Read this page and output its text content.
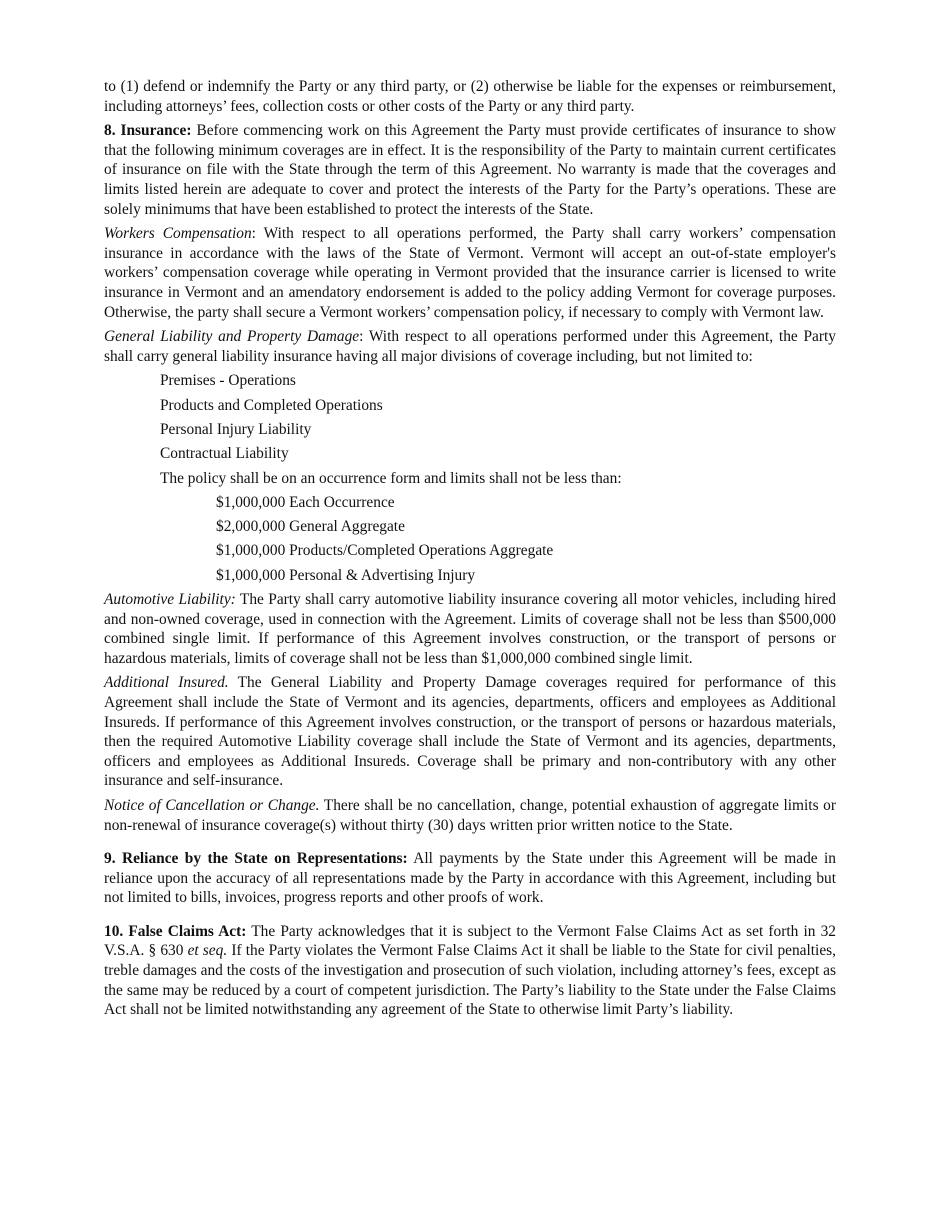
to (1) defend or indemnify the Party or any third party, or (2) otherwise be liable for the expenses or reimbursement, including attorneys’ fees, collection costs or other costs of the Party or any third party.

8. Insurance: Before commencing work on this Agreement the Party must provide certificates of insurance to show that the following minimum coverages are in effect. It is the responsibility of the Party to maintain current certificates of insurance on file with the State through the term of this Agreement. No warranty is made that the coverages and limits listed herein are adequate to cover and protect the interests of the Party for the Party’s operations. These are solely minimums that have been established to protect the interests of the State.

Workers Compensation: With respect to all operations performed, the Party shall carry workers’ compensation insurance in accordance with the laws of the State of Vermont. Vermont will accept an out-of-state employer's workers’ compensation coverage while operating in Vermont provided that the insurance carrier is licensed to write insurance in Vermont and an amendatory endorsement is added to the policy adding Vermont for coverage purposes. Otherwise, the party shall secure a Vermont workers’ compensation policy, if necessary to comply with Vermont law.

General Liability and Property Damage: With respect to all operations performed under this Agreement, the Party shall carry general liability insurance having all major divisions of coverage including, but not limited to:

Premises - Operations
Products and Completed Operations
Personal Injury Liability
Contractual Liability
The policy shall be on an occurrence form and limits shall not be less than:
$1,000,000 Each Occurrence
$2,000,000 General Aggregate
$1,000,000 Products/Completed Operations Aggregate
$1,000,000 Personal & Advertising Injury

Automotive Liability: The Party shall carry automotive liability insurance covering all motor vehicles, including hired and non-owned coverage, used in connection with the Agreement. Limits of coverage shall not be less than $500,000 combined single limit. If performance of this Agreement involves construction, or the transport of persons or hazardous materials, limits of coverage shall not be less than $1,000,000 combined single limit.

Additional Insured. The General Liability and Property Damage coverages required for performance of this Agreement shall include the State of Vermont and its agencies, departments, officers and employees as Additional Insureds. If performance of this Agreement involves construction, or the transport of persons or hazardous materials, then the required Automotive Liability coverage shall include the State of Vermont and its agencies, departments, officers and employees as Additional Insureds. Coverage shall be primary and non-contributory with any other insurance and self-insurance.

Notice of Cancellation or Change. There shall be no cancellation, change, potential exhaustion of aggregate limits or non-renewal of insurance coverage(s) without thirty (30) days written prior written notice to the State.

9. Reliance by the State on Representations: All payments by the State under this Agreement will be made in reliance upon the accuracy of all representations made by the Party in accordance with this Agreement, including but not limited to bills, invoices, progress reports and other proofs of work.

10. False Claims Act: The Party acknowledges that it is subject to the Vermont False Claims Act as set forth in 32 V.S.A. § 630 et seq. If the Party violates the Vermont False Claims Act it shall be liable to the State for civil penalties, treble damages and the costs of the investigation and prosecution of such violation, including attorney’s fees, except as the same may be reduced by a court of competent jurisdiction. The Party’s liability to the State under the False Claims Act shall not be limited notwithstanding any agreement of the State to otherwise limit Party’s liability.
